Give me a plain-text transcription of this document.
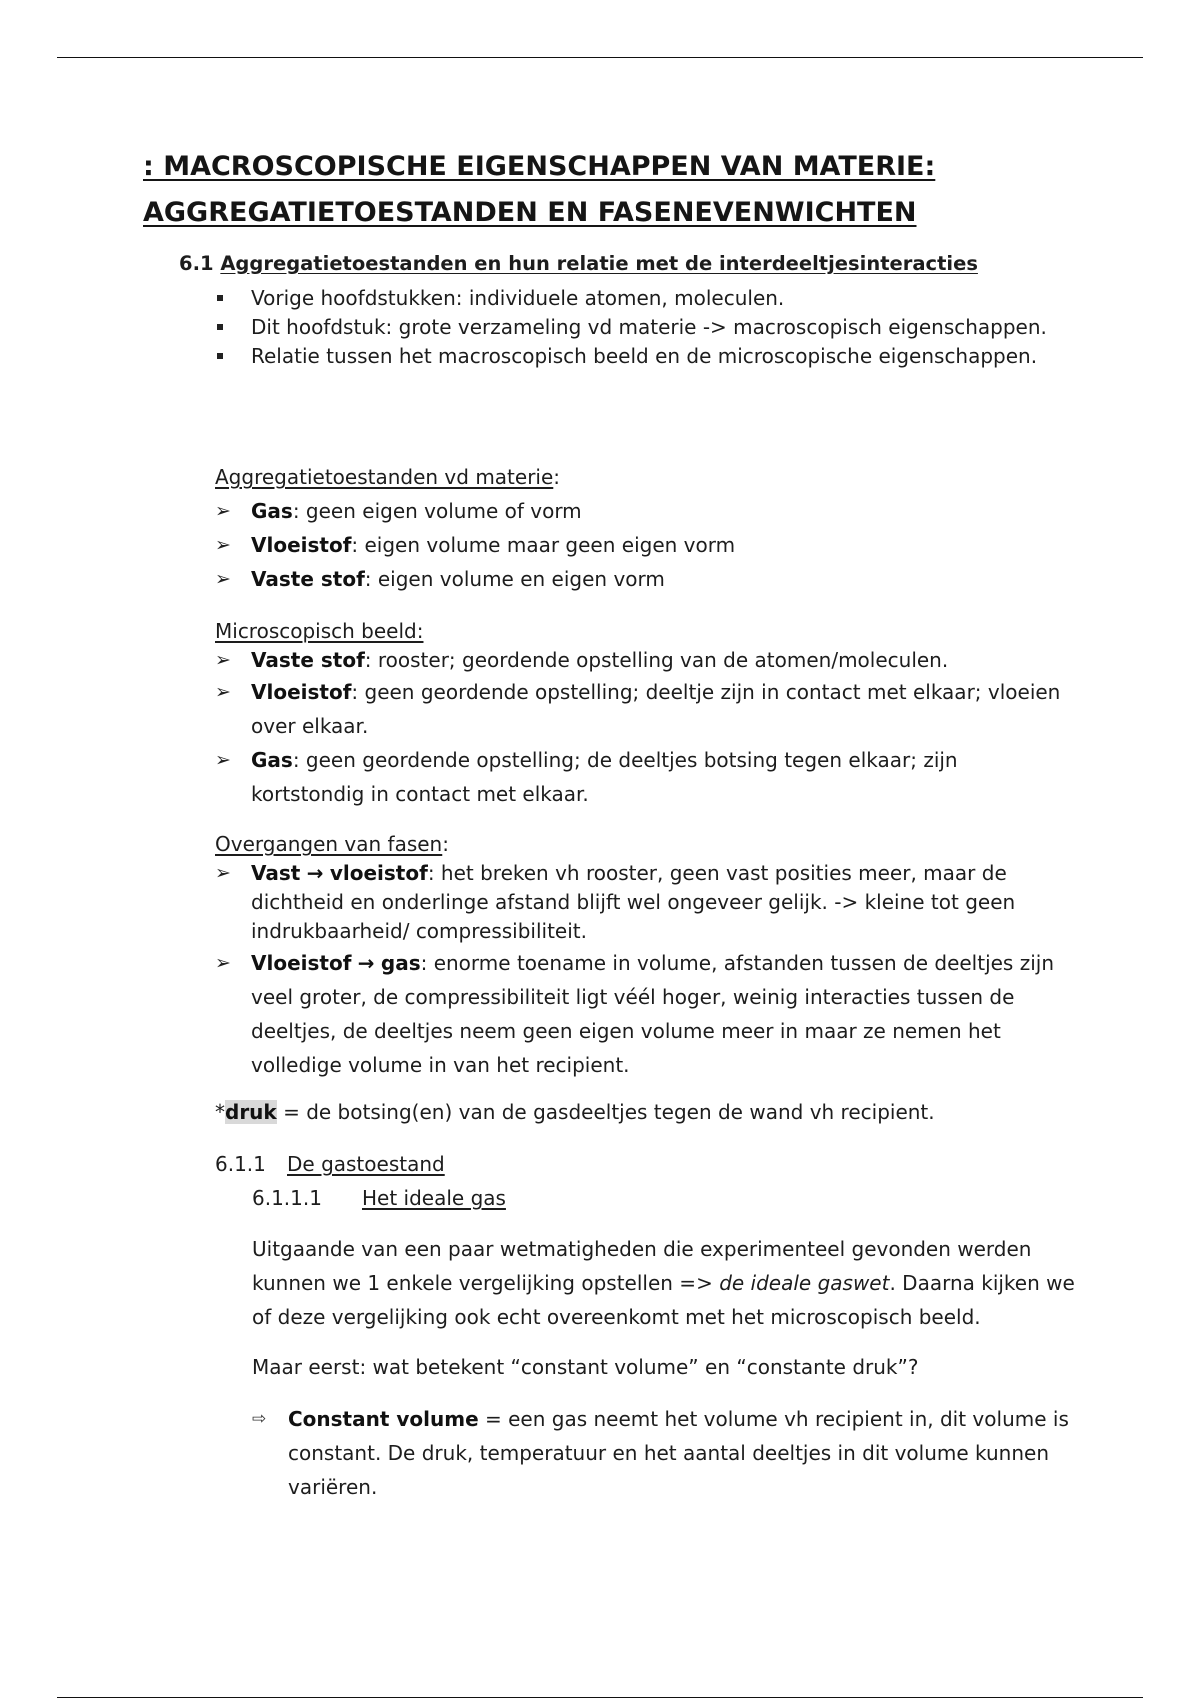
: MACROSCOPISCHE EIGENSCHAPPEN VAN MATERIE:
AGGREGATIETOESTANDEN EN FASENEVENWICHTEN
6.1 Aggregatietoestanden en hun relatie met de interdeeltjesinteracties
Vorige hoofdstukken: individuele atomen, moleculen.
Dit hoofdstuk: grote verzameling vd materie -> macroscopisch eigenschappen.
Relatie tussen het macroscopisch beeld en de microscopische eigenschappen.
Aggregatietoestanden vd materie:
➢ Gas: geen eigen volume of vorm
➢ Vloeistof: eigen volume maar geen eigen vorm
➢ Vaste stof: eigen volume en eigen vorm
Microscopisch beeld:
➢ Vaste stof: rooster; geordende opstelling van de atomen/moleculen.
➢ Vloeistof: geen geordende opstelling; deeltje zijn in contact met elkaar; vloeien over elkaar.
➢ Gas: geen geordende opstelling; de deeltjes botsing tegen elkaar; zijn kortstondig in contact met elkaar.
Overgangen van fasen:
➢ Vast → vloeistof: het breken vh rooster, geen vast posities meer, maar de dichtheid en onderlinge afstand blijft wel ongeveer gelijk. -> kleine tot geen indrukbaarheid/ compressibiliteit.
➢ Vloeistof → gas: enorme toename in volume, afstanden tussen de deeltjes zijn veel groter, de compressibiliteit ligt véél hoger, weinig interacties tussen de deeltjes, de deeltjes neem geen eigen volume meer in maar ze nemen het volledige volume in van het recipient.
*druk = de botsing(en) van de gasdeeltjes tegen de wand vh recipient.
6.1.1 De gastoestand
6.1.1.1 Het ideale gas
Uitgaande van een paar wetmatigheden die experimenteel gevonden werden kunnen we 1 enkele vergelijking opstellen => de ideale gaswet. Daarna kijken we of deze vergelijking ook echt overeenkomt met het microscopisch beeld.
Maar eerst: wat betekent “constant volume” en “constante druk”?
⇨ Constant volume = een gas neemt het volume vh recipient in, dit volume is constant. De druk, temperatuur en het aantal deeltjes in dit volume kunnen variëren.
